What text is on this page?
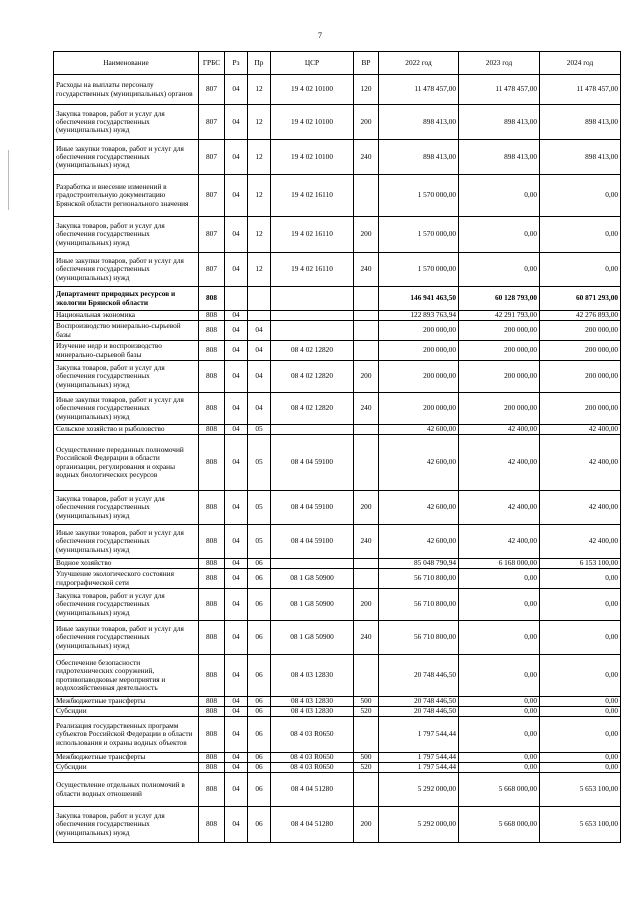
7
Наименование	ГРБС	Рз	Пр	ЦСР	ВР	2022 год	2023 год	2024 год
Расходы на выплаты персоналу государственных (муниципальных) органов	807	04	12	19 4 02 10100	120	11 478 457,00	11 478 457,00	11 478 457,00
Закупка товаров, работ и услуг для обеспечения государственных (муниципальных) нужд	807	04	12	19 4 02 10100	200	898 413,00	898 413,00	898 413,00
Иные закупки товаров, работ и услуг для обеспечения государственных (муниципальных) нужд	807	04	12	19 4 02 10100	240	898 413,00	898 413,00	898 413,00
Разработка и внесение изменений в градостроительную документацию Брянской области регионального значения	807	04	12	19 4 02 16110		1 570 000,00	0,00	0,00
Закупка товаров, работ и услуг для обеспечения государственных (муниципальных) нужд	807	04	12	19 4 02 16110	200	1 570 000,00	0,00	0,00
Иные закупки товаров, работ и услуг для обеспечения государственных (муниципальных) нужд	807	04	12	19 4 02 16110	240	1 570 000,00	0,00	0,00
Департамент природных ресурсов и экологии Брянской области	808					146 941 463,50	60 128 793,00	60 871 293,00
Национальная экономика	808	04				122 893 763,94	42 291 793,00	42 276 893,00
Воспроизводство минерально-сырьевой базы	808	04	04			200 000,00	200 000,00	200 000,00
Изучение недр и воспроизводство минерально-сырьевой базы	808	04	04	08 4 02 12820		200 000,00	200 000,00	200 000,00
Закупка товаров, работ и услуг для обеспечения государственных (муниципальных) нужд	808	04	04	08 4 02 12820	200	200 000,00	200 000,00	200 000,00
Иные закупки товаров, работ и услуг для обеспечения государственных (муниципальных) нужд	808	04	04	08 4 02 12820	240	200 000,00	200 000,00	200 000,00
Сельское хозяйство и рыболовство	808	04	05			42 600,00	42 400,00	42 400,00
Осуществление переданных полномочий Российской Федерации в области организации, регулирования и охраны водных биологических ресурсов	808	04	05	08 4 04 59100		42 600,00	42 400,00	42 400,00
Закупка товаров, работ и услуг для обеспечения государственных (муниципальных) нужд	808	04	05	08 4 04 59100	200	42 600,00	42 400,00	42 400,00
Иные закупки товаров, работ и услуг для обеспечения государственных (муниципальных) нужд	808	04	05	08 4 04 59100	240	42 600,00	42 400,00	42 400,00
Водное хозяйство	808	04	06			85 048 790,94	6 168 000,00	6 153 100,00
Улучшение экологического состояния гидрографической сети	808	04	06	08 1 G8 50900		56 710 800,00	0,00	0,00
Закупка товаров, работ и услуг для обеспечения государственных (муниципальных) нужд	808	04	06	08 1 G8 50900	200	56 710 800,00	0,00	0,00
Иные закупки товаров, работ и услуг для обеспечения государственных (муниципальных) нужд	808	04	06	08 1 G8 50900	240	56 710 800,00	0,00	0,00
Обеспечение безопасности гидротехнических сооружений, противопаводковые мероприятия и водохозяйственная деятельность	808	04	06	08 4 03 12830		20 748 446,50	0,00	0,00
Межбюджетные трансферты	808	04	06	08 4 03 12830	500	20 748 446,50	0,00	0,00
Субсидии	808	04	06	08 4 03 12830	520	20 748 446,50	0,00	0,00
Реализация государственных программ субъектов Российской Федерации в области использования и охраны водных объектов	808	04	06	08 4 03 R0650		1 797 544,44	0,00	0,00
Межбюджетные трансферты	808	04	06	08 4 03 R0650	500	1 797 544,44	0,00	0,00
Субсидии	808	04	06	08 4 03 R0650	520	1 797 544,44	0,00	0,00
Осуществление отдельных полномочий в области водных отношений	808	04	06	08 4 04 51280		5 292 000,00	5 668 000,00	5 653 100,00
Закупка товаров, работ и услуг для обеспечения государственных (муниципальных) нужд	808	04	06	08 4 04 51280	200	5 292 000,00	5 668 000,00	5 653 100,00
